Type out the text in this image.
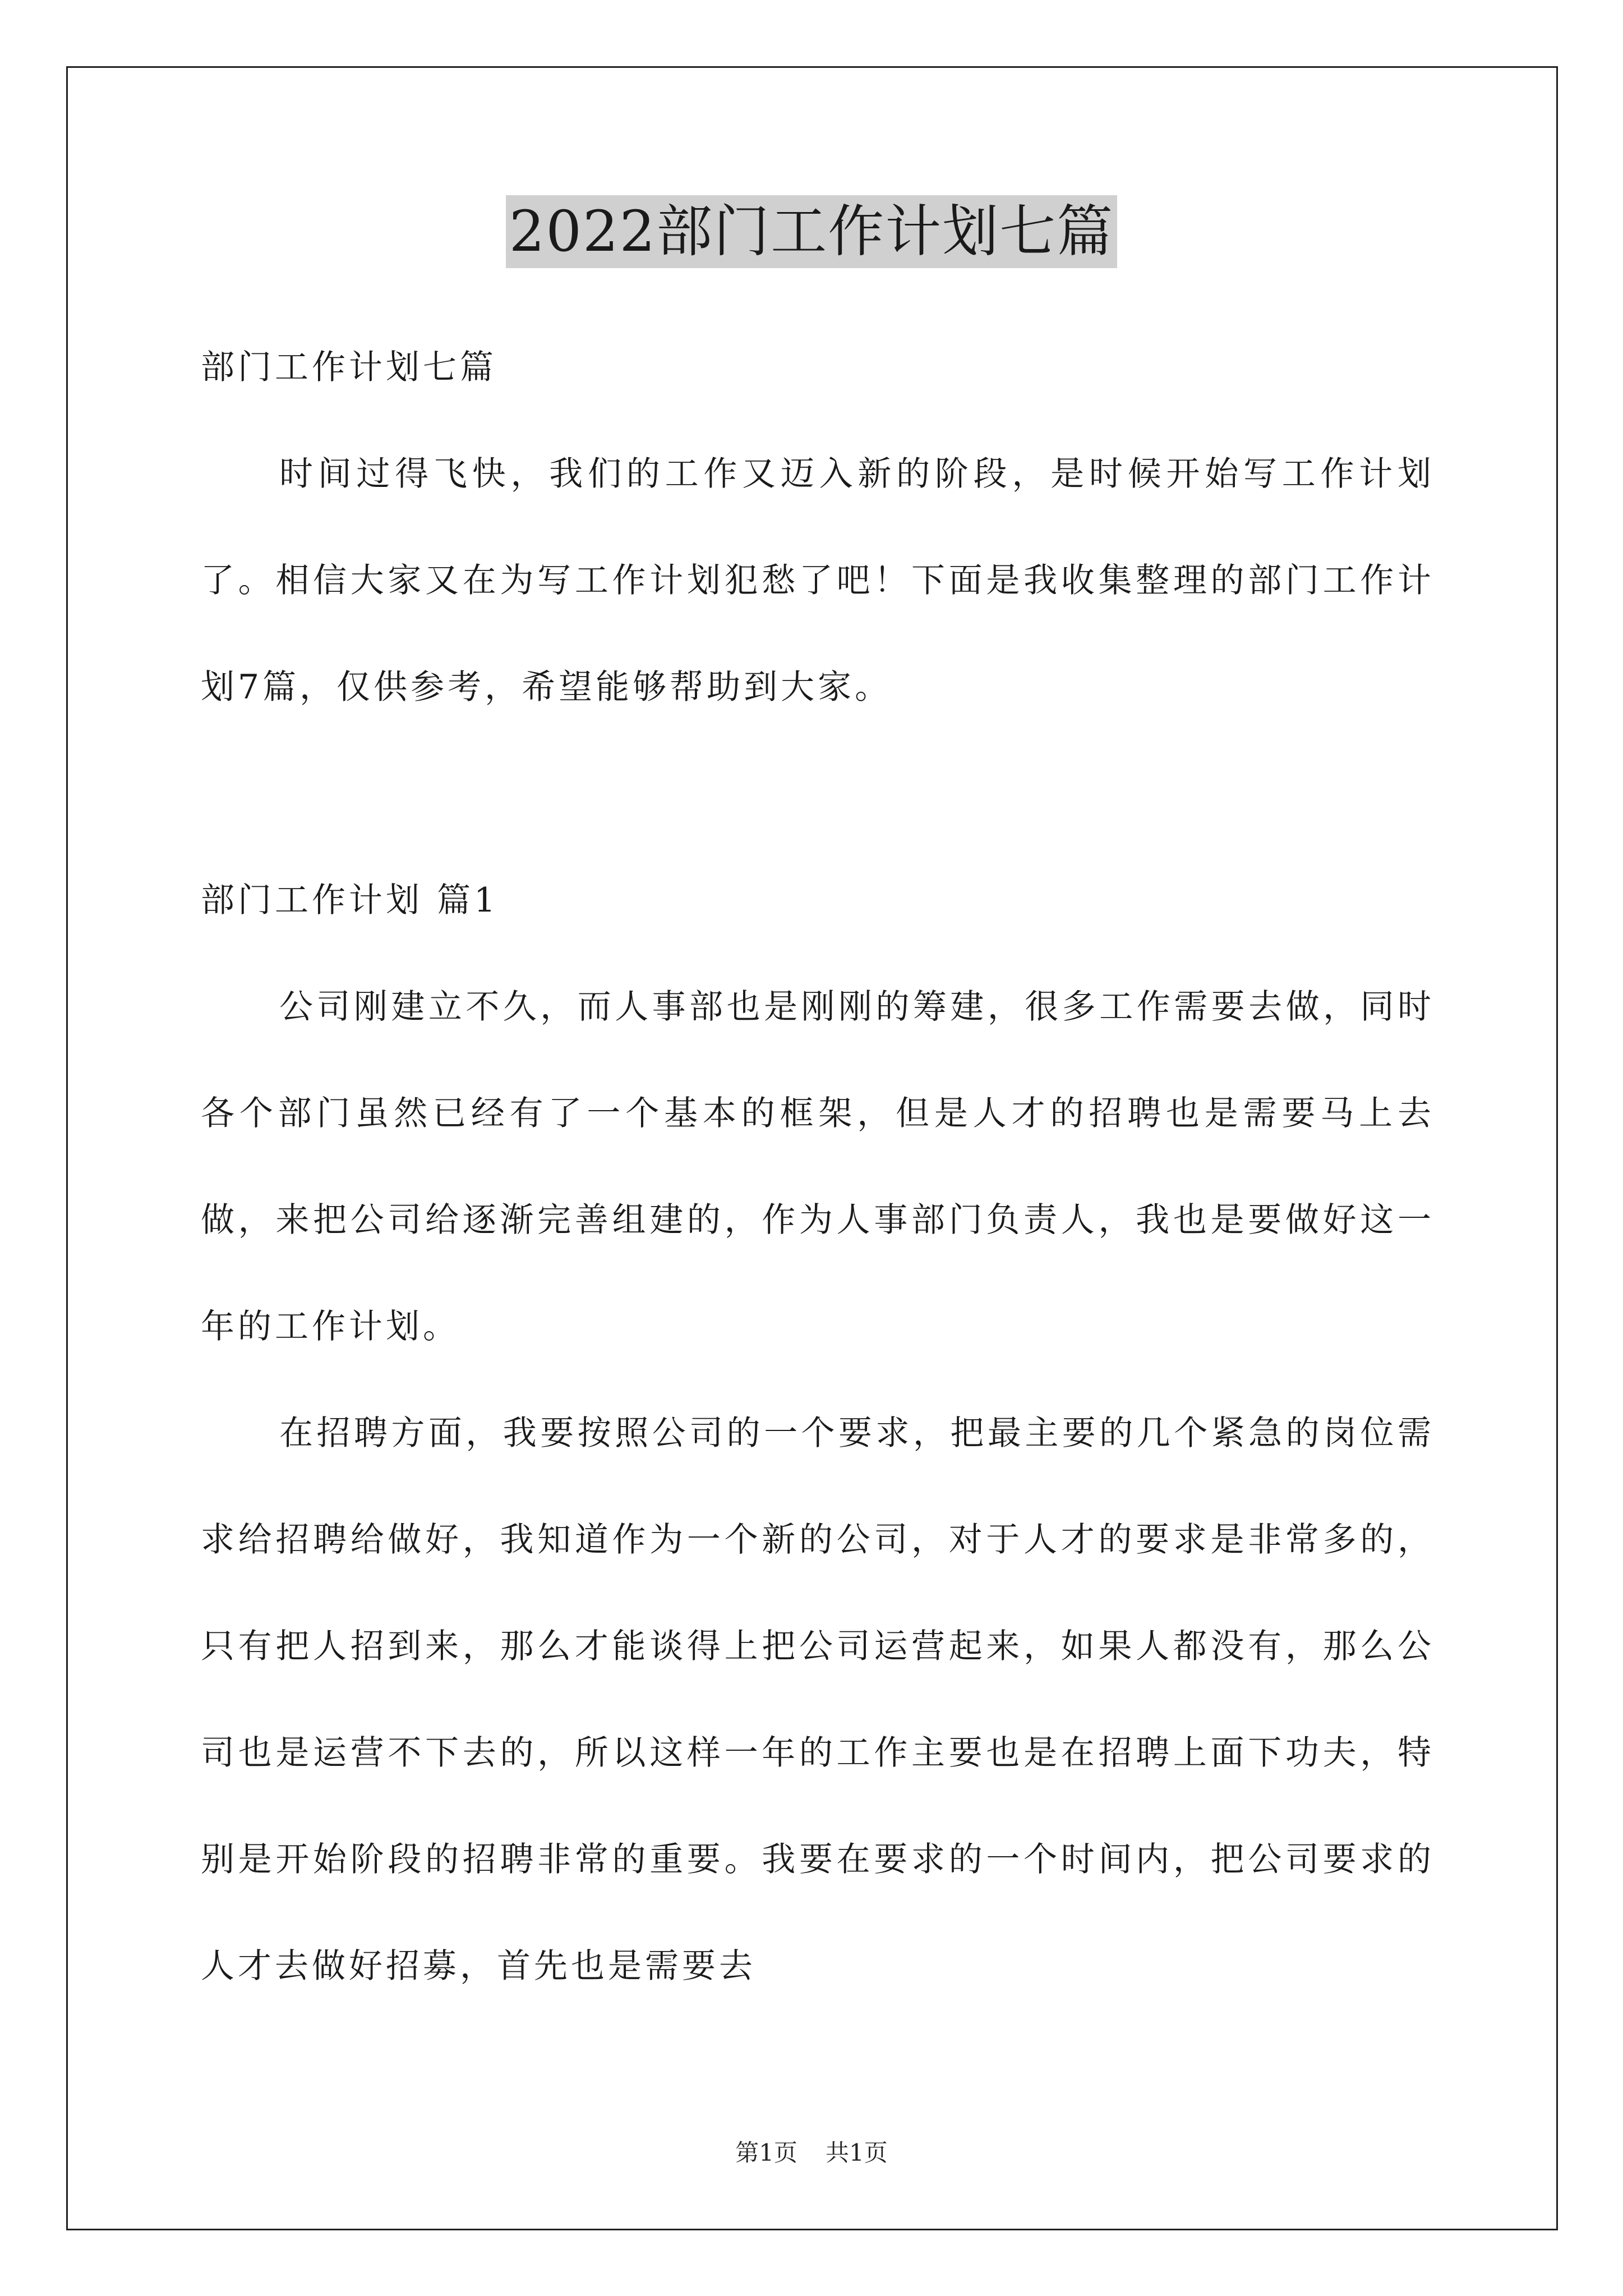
2022部门工作计划七篇

部门工作计划七篇

时间过得飞快，我们的工作又迈入新的阶段，是时候开始写工作计划了。相信大家又在为写工作计划犯愁了吧！下面是我收集整理的部门工作计划7篇，仅供参考，希望能够帮助到大家。

部门工作计划 篇1

公司刚建立不久，而人事部也是刚刚的筹建，很多工作需要去做，同时各个部门虽然已经有了一个基本的框架，但是人才的招聘也是需要马上去做，来把公司给逐渐完善组建的，作为人事部门负责人，我也是要做好这一年的工作计划。

在招聘方面，我要按照公司的一个要求，把最主要的几个紧急的岗位需求给招聘给做好，我知道作为一个新的公司，对于人才的要求是非常多的，只有把人招到来，那么才能谈得上把公司运营起来，如果人都没有，那么公司也是运营不下去的，所以这样一年的工作主要也是在招聘上面下功夫，特别是开始阶段的招聘非常的重要。我要在要求的一个时间内，把公司要求的人才去做好招募，首先也是需要去

第1页 共1页
